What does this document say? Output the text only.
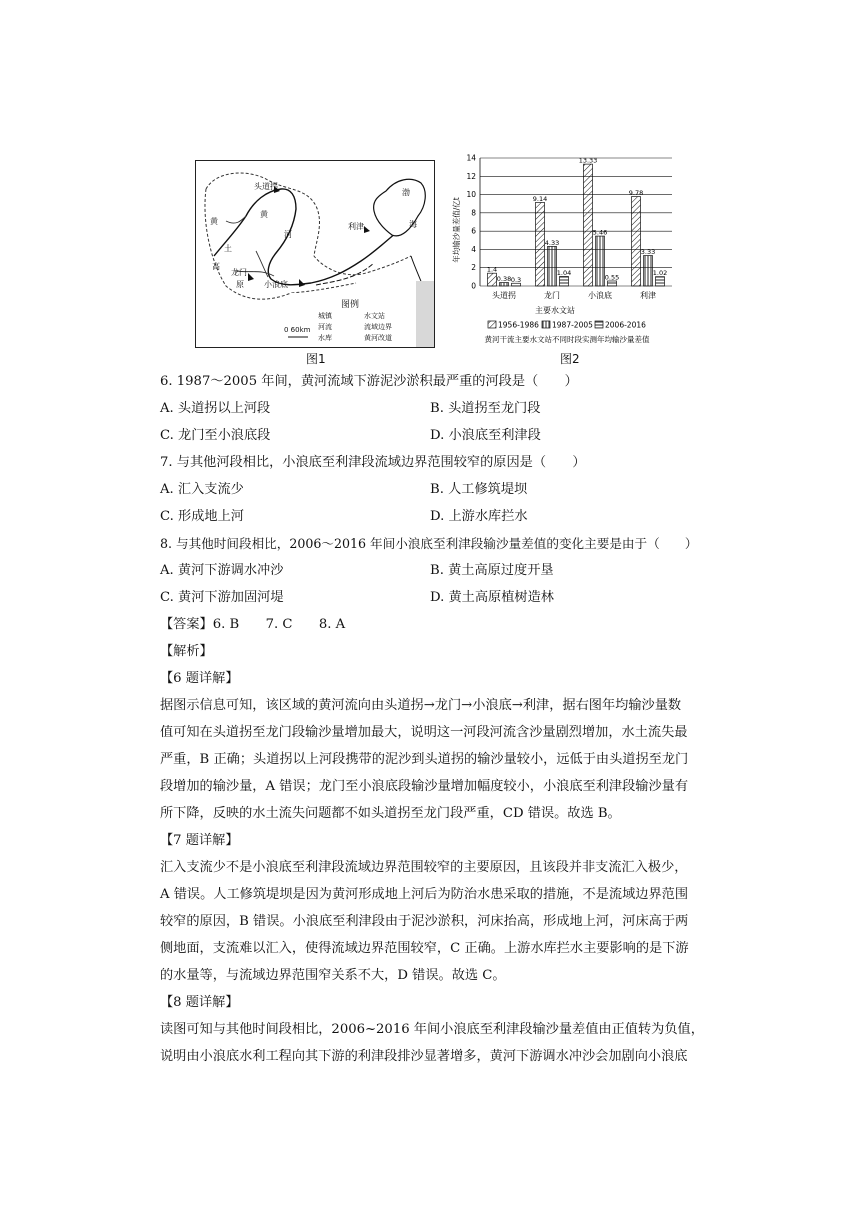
头道拐
龙门
小浪底
利津
黄
土
高
原
黄
河
渤
海
图例
城镇	水文站
河流	流域边界
水库	黄河改道
0 60km
图1
1.4
0.38 0.3
9.14
4.33
1.04
13.33
5.46
0.55
9.78
3.33
1.02
0
2
4
6
8
10
12
14
头道拐	龙门	小浪底	利津
1956-1986 1987-2005 2006-2016
黄河干流主要水文站不同时段实测年均输沙量差值
主要水文站
年均输沙量差值/亿t
图2
6. 1987～2005 年间，黄河流域下游泥沙淤积最严重的河段是（　　）
A. 头道拐以上河段	B. 头道拐至龙门段
C. 龙门至小浪底段	D. 小浪底至利津段
7. 与其他河段相比，小浪底至利津段流域边界范围较窄的原因是（　　）
A. 汇入支流少	B. 人工修筑堤坝
C. 形成地上河	D. 上游水库拦水
8. 与其他时间段相比，2006～2016 年间小浪底至利津段输沙量差值的变化主要是由于（　　）
A. 黄河下游调水冲沙	B. 黄土高原过度开垦
C. 黄河下游加固河堤	D. 黄土高原植树造林
【答案】6. B　　7. C　　8. A
【解析】
【6 题详解】
据图示信息可知，该区域的黄河流向由头道拐→龙门→小浪底→利津，据右图年均输沙量数
值可知在头道拐至龙门段输沙量增加最大，说明这一河段河流含沙量剧烈增加，水土流失最
严重，B 正确；头道拐以上河段携带的泥沙到头道拐的输沙量较小，远低于由头道拐至龙门
段增加的输沙量，A 错误；龙门至小浪底段输沙量增加幅度较小，小浪底至利津段输沙量有
所下降，反映的水土流失问题都不如头道拐至龙门段严重，CD 错误。故选 B。
【7 题详解】
汇入支流少不是小浪底至利津段流域边界范围较窄的主要原因，且该段并非支流汇入极少，
A 错误。人工修筑堤坝是因为黄河形成地上河后为防治水患采取的措施，不是流域边界范围
较窄的原因，B 错误。小浪底至利津段由于泥沙淤积，河床抬高，形成地上河，河床高于两
侧地面，支流难以汇入，使得流域边界范围较窄，C 正确。上游水库拦水主要影响的是下游
的水量等，与流域边界范围窄关系不大，D 错误。故选 C。
【8 题详解】
读图可知与其他时间段相比，2006~2016 年间小浪底至利津段输沙量差值由正值转为负值，
说明由小浪底水利工程向其下游的利津段排沙显著增多，黄河下游调水冲沙会加剧向小浪底
